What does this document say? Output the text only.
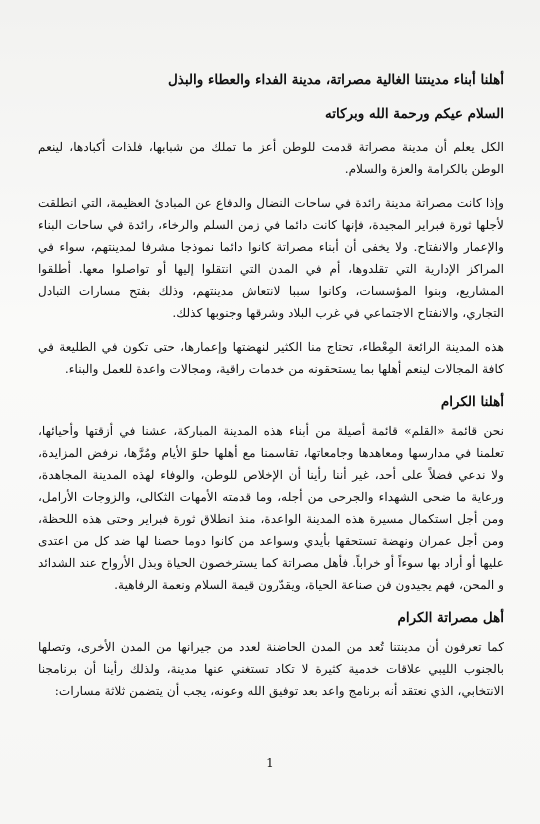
أهلنا أبناء مدينتنا الغالية مصراتة، مدينة الفداء والعطاء والبذل

السلام عيكم ورحمة الله وبركاته

الكل يعلم أن مدينة مصراتة قدمت للوطن أعز ما تملك من شبابها، فلذات أكبادها، لينعم الوطن بالكرامة والعزة والسلام.

وإذا كانت مصراتة مدينة رائدة في ساحات النضال والدفاع عن المبادئ العظيمة، التي انطلقت لأجلها ثورة فبراير المجيدة، فإنها كانت دائما في زمن السلم والرخاء، رائدة في ساحات البناء والإعمار والانفتاح. ولا يخفى أن أبناء مصراتة كانوا دائما نموذجا مشرفا لمدينتهم، سواء في المراكز الإدارية التي تقلدوها، أم في المدن التي انتقلوا إليها أو تواصلوا معها. أطلقوا المشاريع، وبنوا المؤسسات، وكانوا سببا لانتعاش مدينتهم، وذلك بفتح مسارات التبادل التجاري، والانفتاح الاجتماعي في غرب البلاد وشرقها وجنوبها كذلك.

هذه المدينة الرائعة المِعْطاء، تحتاج منا الكثير لنهضتها وإعمارها، حتى تكون في الطليعة في كافة المجالات لينعم أهلها بما يستحقونه من خدمات راقية، ومجالات واعدة للعمل والبناء.

أهلنا الكرام

نحن قائمة «القلم» قائمة أصيلة من أبناء هذه المدينة المباركة، عشنا في أزقتها وأحيائها، تعلمنا في مدارسها ومعاهدها وجامعاتها، تقاسمنا مع أهلها حلوَ الأيام ومُرَّها، نرفض المزايدة، ولا ندعي فضلاً على أحد، غير أننا رأينا أن الإخلاص للوطن، والوفاء لهذه المدينة المجاهدة، ورعاية ما ضحى الشهداء والجرحى من أجله، وما قدمته الأمهات الثكالى، والزوجات الأرامل، ومن أجل استكمال مسيرة هذه المدينة الواعدة، منذ انطلاق ثورة فبراير وحتى هذه اللحظة، ومن أجل عمران ونهضة تستحقها بأيدي وسواعد من كانوا دوما حصنا لها ضد كل من اعتدى عليها أو أراد بها سوءاً أو خراباً. فأهل مصراتة كما يسترخصون الحياة وبذل الأرواح عند الشدائد و المحن، فهم يجيدون فن صناعة الحياة، ويقدّرون قيمة السلام ونعمة الرفاهية.

أهل مصراتة الكرام

كما تعرفون أن مدينتنا تُعد من المدن الحاضنة لعدد من جيرانها من المدن الأخرى، وتصلها بالجنوب الليبي علاقات خدمية كثيرة لا تكاد تستغني عنها مدينة، ولذلك رأينا أن برنامجنا الانتخابي، الذي نعتقد أنه برنامج واعد بعد توفيق الله وعونه، يجب أن يتضمن ثلاثة مسارات:

1
